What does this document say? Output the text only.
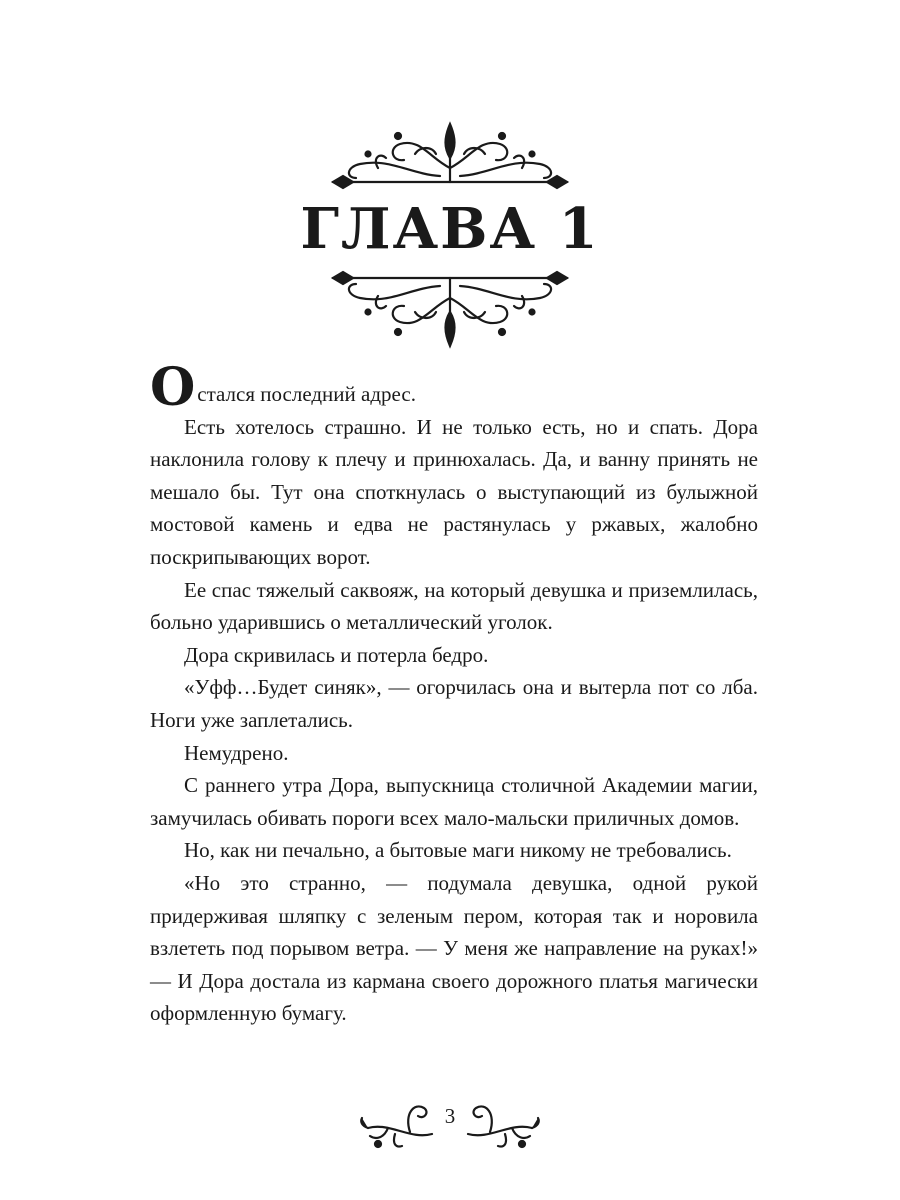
ГЛАВА 1

Остался последний адрес.

Есть хотелось страшно. И не только есть, но и спать. Дора наклонила голову к плечу и принюхалась. Да, и ванну принять не мешало бы. Тут она споткнулась о выступающий из булыжной мостовой камень и едва не растянулась у ржавых, жалобно поскрипывающих ворот.

Ее спас тяжелый саквояж, на который девушка и приземлилась, больно ударившись о металлический уголок.

Дора скривилась и потерла бедро.

«Уфф…Будет синяк», — огорчилась она и вытерла пот со лба. Ноги уже заплетались.

Немудрено.

С раннего утра Дора, выпускница столичной Академии магии, замучилась обивать пороги всех мало-мальски приличных домов.

Но, как ни печально, а бытовые маги никому не требовались.

«Но это странно, — подумала девушка, одной рукой придерживая шляпку с зеленым пером, которая так и норовила взлететь под порывом ветра. — У меня же направление на руках!» — И Дора достала из кармана своего дорожного платья магически оформленную бумагу.

3
